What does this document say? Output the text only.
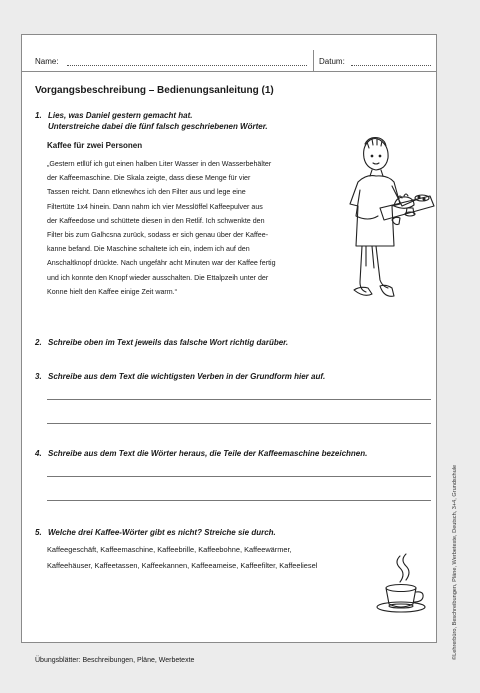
Name:	Datum:
Vorgangsbeschreibung – Bedienungsanleitung (1)
1. Lies, was Daniel gestern gemacht hat.
Unterstreiche dabei die fünf falsch geschriebenen Wörter.
Kaffee für zwei Personen
„Gestern etllüf ich gut einen halben Liter Wasser in den Wasserbehälter
der Kaffeemaschine. Die Skala zeigte, dass diese Menge für vier
Tassen reicht. Dann etknewhcs ich den Filter aus und lege eine
Filtertüte 1x4 hinein. Dann nahm ich vier Messlöffel Kaffeepulver aus
der Kaffeedose und schüttete diesen in den Retlif. Ich schwenkte den
Filter bis zum Galhcsna zurück, sodass er sich genau über der Kaffee-
kanne befand. Die Maschine schaltete ich ein, indem ich auf den
Anschaltknopf drückte. Nach ungefähr acht Minuten war der Kaffee fertig
und ich konnte den Knopf wieder ausschalten. Die Ettalpzeih unter der
Konne hielt den Kaffee einige Zeit warm.“
2. Schreibe oben im Text jeweils das falsche Wort richtig darüber.
3. Schreibe aus dem Text die wichtigsten Verben in der Grundform hier auf.
4. Schreibe aus dem Text die Wörter heraus, die Teile der Kaffeemaschine bezeichnen.
5. Welche drei Kaffee-Wörter gibt es nicht? Streiche sie durch.
Kaffeegeschäft, Kaffeemaschine, Kaffeebrille, Kaffeebohne, Kaffeewärmer,
Kaffeehäuser, Kaffeetassen, Kaffeekannen, Kaffeeameise, Kaffeefilter, Kaffeeliesel
Übungsblätter: Beschreibungen, Pläne, Werbetexte
©Lehrerbüro, Beschreibungen, Pläne, Werbetexte, Deutsch, 3+4, Grundschule
